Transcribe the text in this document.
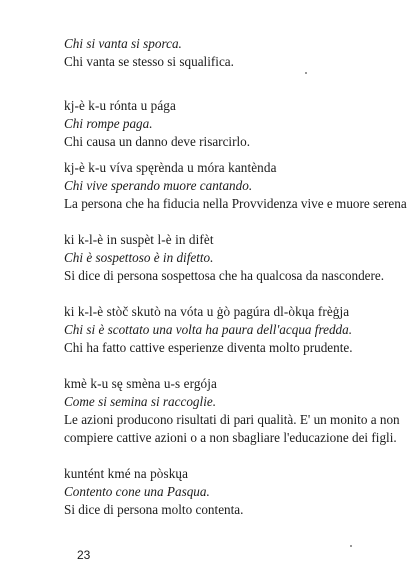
Chi si vanta si sporca.
Chi vanta se stesso si squalifica.
kj-è k-u rónta u pága
Chi rompe paga.
Chi causa un danno deve risarcirlo.
kj-è k-u víva spęrènda u móra kantènda
Chi vive sperando muore cantando.
La persona che ha fiducia nella Provvidenza vive e muore serena
ki k-l-è in suspèt l-è in difèt
Chi è sospettoso è in difetto.
Si dice di persona sospettosa che ha qualcosa da nascondere.
ki k-l-è stòč skutò na vóta u ġò pagúra dl-òkųa frèġja
Chi si è scottato una volta ha paura dell'acqua fredda.
Chi ha fatto cattive esperienze diventa molto prudente.
kmè k-u sę smèna u-s ergója
Come si semina si raccoglie.
Le azioni producono risultati di pari qualità. E' un monito a non
compiere cattive azioni o a non sbagliare l'educazione dei figli.
kuntént kmé na pòskųa
Contento cone una Pasqua.
Si dice di persona molto contenta.
23
